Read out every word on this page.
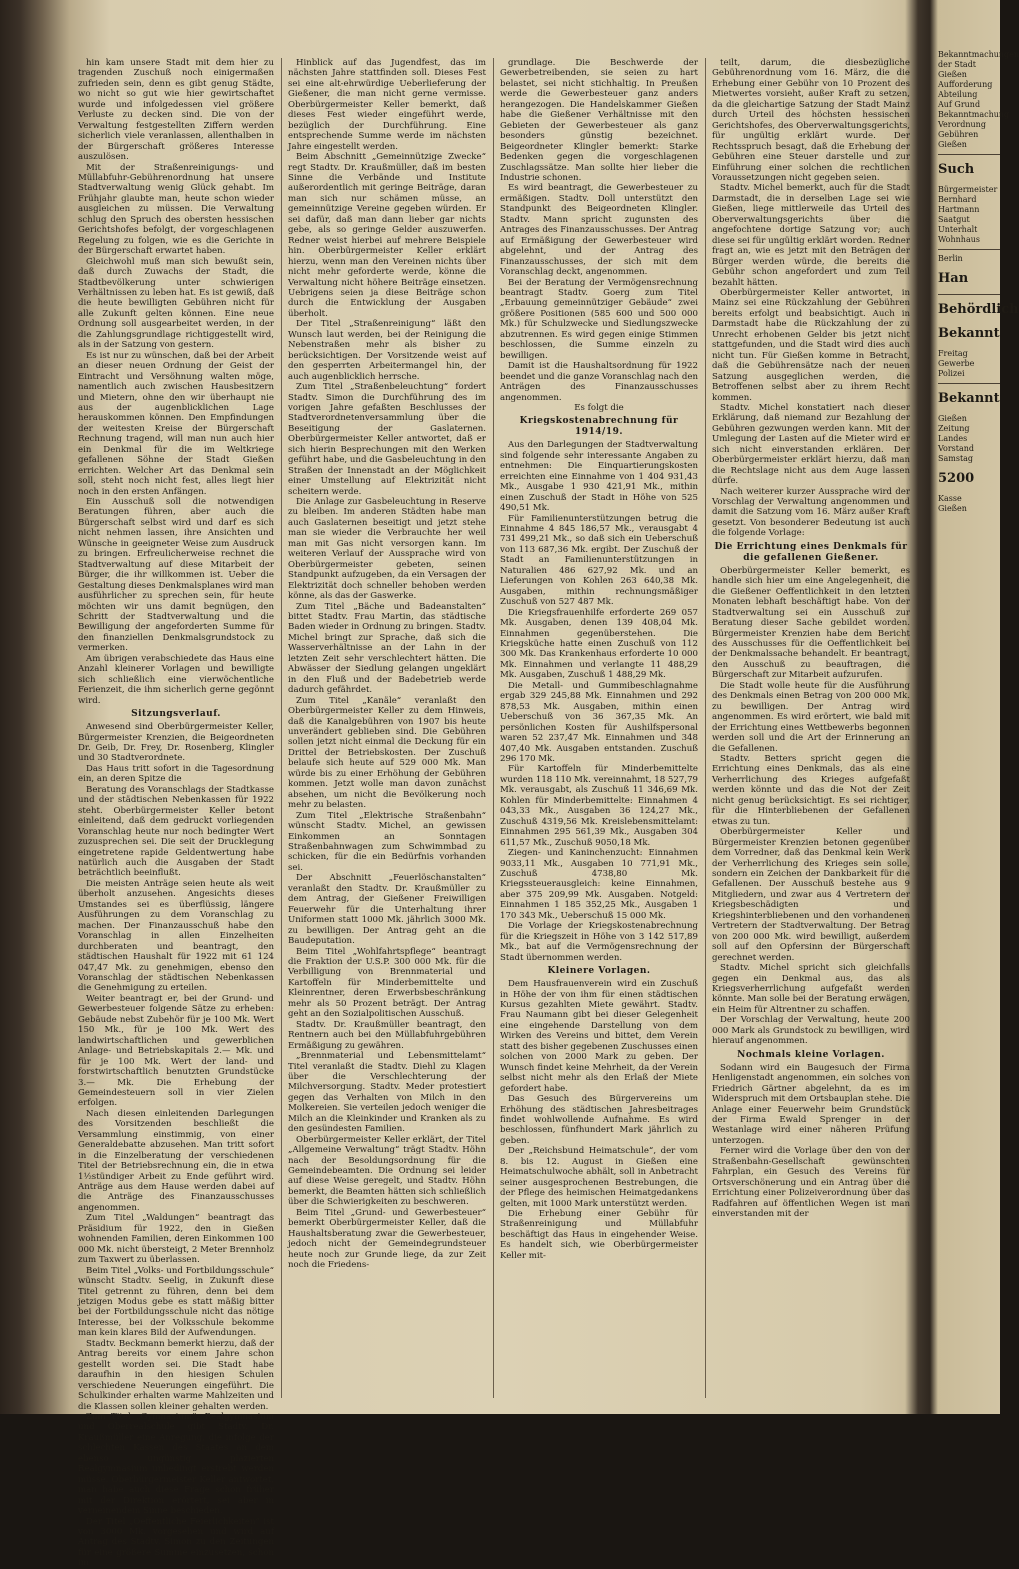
hin kam unsere Stadt mit dem hier zu tragenden Zuschuß noch einigermaßen zufrieden sein, denn es gibt genug Städte, wo nicht so gut wie hier gewirtschaftet wurde und infolgedessen viel größere Verluste zu decken sind. Die von der Verwaltung festgestellten Ziffern werden sicherlich viele veranlassen, allenthalben in der Bürgerschaft größeres Interesse auszulösen.

Mit der Straßenreinigungs- und Müllabfuhr-Gebührenordnung hat unsere Stadtverwaltung wenig Glück gehabt. Im Frühjahr glaubte man, heute schon wieder ausgleichen zu müssen. Die Verwaltung schlug den Spruch des obersten hessischen Gerichtshofes befolgt, der vorgeschlagenen Regelung zu folgen, wie es die Gerichte in der Bürgerschaft erwartet haben.

Gleichwohl muß man sich bewußt sein, daß durch Zuwachs der Stadt, die Stadtbevölkerung unter schwierigen Verhältnissen zu leben hat. Es ist gewiß, daß die heute bewilligten Gebühren nicht für alle Zukunft gelten können. Eine neue Ordnung soll ausgearbeitet werden, in der die Zahlungsgrundlage richtiggestellt wird, als in der Satzung von gestern.

Es ist nur zu wünschen, daß bei der Arbeit an dieser neuen Ordnung der Geist der Eintracht und Versöhnung walten möge, namentlich auch zwischen Hausbesitzern und Mietern, ohne den wir überhaupt nie aus der augenblicklichen Lage herauskommen können. Den Empfindungen der weitesten Kreise der Bürgerschaft Rechnung tragend, will man nun auch hier ein Denkmal für die im Weltkriege gefallenen Söhne der Stadt Gießen errichten. Welcher Art das Denkmal sein soll, steht noch nicht fest, alles liegt hier noch in den ersten Anfängen.

Ein Ausschuß soll die notwendigen Beratungen führen, aber auch die Bürgerschaft selbst wird und darf es sich nicht nehmen lassen, ihre Ansichten und Wünsche in geeigneter Weise zum Ausdruck zu bringen. Erfreulicherweise rechnet die Stadtverwaltung auf diese Mitarbeit der Bürger, die ihr willkommen ist. Ueber die Gestaltung dieses Denkmalsplanes wird man ausführlicher zu sprechen sein, für heute möchten wir uns damit begnügen, den Schritt der Stadtverwaltung und die Bewilligung der angeforderten Summe für den finanziellen Denkmalsgrundstock zu vermerken.

Am übrigen verabschiedete das Haus eine Anzahl kleinerer Vorlagen und bewilligte sich schließlich eine vierwöchentliche Ferienzeit, die ihm sicherlich gerne gegönnt wird.

Sitzungsverlauf.

Anwesend sind Oberbürgermeister Keller, Bürgermeister Krenzien, die Beigeordneten Dr. Geib, Dr. Frey, Dr. Rosenberg, Klingler und 30 Stadtverordnete.

Das Haus tritt sofort in die Tagesordnung ein, an deren Spitze die

Beratung des Voranschlags der Stadtkasse und der städtischen Nebenkassen für 1922 steht. Oberbürgermeister Keller betont einleitend, daß dem gedruckt vorliegenden Voranschlag heute nur noch bedingter Wert zuzusprechen sei. Die seit der Drucklegung eingetretene rapide Geldentwertung habe natürlich auch die Ausgaben der Stadt beträchtlich beeinflußt.

Die meisten Anträge seien heute als weit überholt anzusehen. Angesichts dieses Umstandes sei es überflüssig, längere Ausführungen zu dem Voranschlag zu machen. Der Finanzausschuß habe den Voranschlag in allen Einzelheiten durchberaten und beantragt, den städtischen Haushalt für 1922 mit 61 124 047,47 Mk. zu genehmigen, ebenso den Voranschlag der städtischen Nebenkassen die Genehmigung zu erteilen.

Weiter beantragt er, bei der Grund- und Gewerbesteuer folgende Sätze zu erheben: Gebäude nebst Zubehör für je 100 Mk. Wert 150 Mk., für je 100 Mk. Wert des landwirtschaftlichen und gewerblichen Anlage- und Betriebskapitals 2.— Mk. und für je 100 Mk. Wert der land- und forstwirtschaftlich benutzten Grundstücke 3.— Mk. Die Erhebung der Gemeindesteuern soll in vier Zielen erfolgen.

Nach diesen einleitenden Darlegungen des Vorsitzenden beschließt die Versammlung einstimmig, von einer Generaldebatte abzusehen. Man tritt sofort in die Einzelberatung der verschiedenen Titel der Betriebsrechnung ein, die in etwa 1½stündiger Arbeit zu Ende geführt wird. Anträge aus dem Hause werden dabei auf die Anträge des Finanzausschusses angenommen.

Zum Titel „Waldungen“ beantragt das Präsidium für 1922, den in Gießen wohnenden Familien, deren Einkommen 100 000 Mk. nicht übersteigt, 2 Meter Brennholz zum Taxwert zu überlassen.

Beim Titel „Volks- und Fortbildungsschule“ wünscht Stadtv. Seelig, in Zukunft diese Titel getrennt zu führen, denn bei dem jetzigen Modus gebe es statt mäßig bitter bei der Fortbildungsschule nicht das nötige Interesse, bei der Volksschule bekomme man kein klares Bild der Aufwendungen.

Stadtv. Beckmann bemerkt hierzu, daß der Antrag bereits vor einem Jahre schon gestellt worden sei. Die Stadt habe daraufhin in den hiesigen Schulen verschiedene Neuerungen eingeführt. Die Schulkinder erhalten warme Mahlzeiten und die Klassen sollen kleiner gehalten werden.

Zum Titel „Gymnasium“, Realgymnasium und Oberrealschule gibt Stadtv. Dr. Kraußmüller eine Anregung, die infolge der schlechten Kassen des Staates an dem ebenso ungünstig plazierten Realgymnasium unbedingt erstrebt werden müsse. Oberbürgermeister Keller antwortet, man habe auch diese Frage schon früher mit der Direktion erörtert, sei aber in verneinendem Sinne beschieden.

Der Titel „Oeffentliche Feierlichkeiten“ ist von 3000 Mk. vorgesehen und wird auf Antrag des Stadtv. Simon zu den Zeitungen für eine größere Summe einzusetzen, schon im

Hinblick auf das Jugendfest, das im nächsten Jahre stattfinden soll. Dieses Fest sei eine alt-ehrwürdige Ueberlieferung der Gießener, die man nicht gerne vermisse. Oberbürgermeister Keller bemerkt, daß dieses Fest wieder eingeführt werde, bezüglich der Durchführung. Eine entsprechende Summe werde im nächsten Jahre eingestellt werden.

Beim Abschnitt „Gemeinnützige Zwecke“ regt Stadtv. Dr. Kraußmüller, daß im besten Sinne die Verbände und Institute außerordentlich mit geringe Beiträge, daran man sich nur schämen müsse, an gemeinnützige Vereine gegeben würden. Er sei dafür, daß man dann lieber gar nichts gebe, als so geringe Gelder auszuwerfen. Redner weist hierbei auf mehrere Beispiele hin. Oberbürgermeister Keller erklärt hierzu, wenn man den Vereinen nichts über nicht mehr geforderte werde, könne die Verwaltung nicht höhere Beiträge einsetzen. Uebrigens seien ja diese Beiträge schon durch die Entwicklung der Ausgaben überholt.

Der Titel „Straßenreinigung“ läßt den Wunsch laut werden, bei der Reinigung die Nebenstraßen mehr als bisher zu berücksichtigen. Der Vorsitzende weist auf den gesperrten Arbeitermangel hin, der auch augenblicklich herrsche.

Zum Titel „Straßenbeleuchtung“ fordert Stadtv. Simon die Durchführung des im vorigen Jahre gefaßten Beschlusses der Stadtverordnetenversammlung über die Beseitigung der Gaslaternen. Oberbürgermeister Keller antwortet, daß er sich hierin Besprechungen mit den Werken geführt habe, und die Gasbeleuchtung in den Straßen der Innenstadt an der Möglichkeit einer Umstellung auf Elektrizität nicht scheitern werde.

Die Anlage zur Gasbeleuchtung in Reserve zu bleiben. Im anderen Städten habe man auch Gaslaternen beseitigt und jetzt stehe man sie wieder die Verbrauchte her weil man mit Gas nicht versorgen kann. Im weiteren Verlauf der Aussprache wird von Oberbürgermeister gebeten, seinen Standpunkt aufzugeben, da ein Versagen der Elektrizität doch schneller behoben werden könne, als das der Gaswerke.

Zum Titel „Bäche und Badeanstalten“ bittet Stadtv. Frau Martin, das städtische Baden wieder in Ordnung zu bringen. Stadtv. Michel bringt zur Sprache, daß sich die Wasserverhältnisse an der Lahn in der letzten Zeit sehr verschlechtert hätten. Die Abwässer der Siedlung gelangen ungeklärt in den Fluß und der Badebetrieb werde dadurch gefährdet.

Zum Titel „Kanäle“ veranlaßt den Oberbürgermeister Keller zu dem Hinweis, daß die Kanalgebühren von 1907 bis heute unverändert geblieben sind. Die Gebühren sollen jetzt nicht einmal die Deckung für ein Drittel der Betriebskosten. Der Zuschuß belaufe sich heute auf 529 000 Mk. Man würde bis zu einer Erhöhung der Gebühren kommen. Jetzt wolle man davon zunächst absehen, um nicht die Bevölkerung noch mehr zu belasten.

Zum Titel „Elektrische Straßenbahn“ wünscht Stadtv. Michel, an gewissen Einkommen an Sonntagen Straßenbahnwagen zum Schwimmbad zu schicken, für die ein Bedürfnis vorhanden sei.

Der Abschnitt „Feuerlöschanstalten“ veranlaßt den Stadtv. Dr. Kraußmüller zu dem Antrag, der Gießener Freiwilligen Feuerwehr für die Unterhaltung ihrer Uniformen statt 1000 Mk. jährlich 3000 Mk. zu bewilligen. Der Antrag geht an die Baudeputation.

Beim Titel „Wohlfahrtspflege“ beantragt die Fraktion der U.S.P. 300 000 Mk. für die Verbilligung von Brennmaterial und Kartoffeln für Minderbemittelte und Kleinrentner, deren Erwerbsbeschränkung mehr als 50 Prozent beträgt. Der Antrag geht an den Sozialpolitischen Ausschuß.

Stadtv. Dr. Kraußmüller beantragt, den Rentnern auch bei den Müllabfuhrgebühren Ermäßigung zu gewähren.

„Brennmaterial und Lebensmittelamt“ Titel veranlaßt die Stadtv. Diehl zu Klagen über die Verschlechterung der Milchversorgung. Stadtv. Meder protestiert gegen das Verhalten von Milch in den Molkereien. Sie verteilen jedoch weniger die Milch an die Kleinkinder und Kranken als zu den gesündesten Familien.

Oberbürgermeister Keller erklärt, der Titel „Allgemeine Verwaltung“ trägt Stadtv. Höhn nach der Besoldungsordnung für die Gemeindebeamten. Die Ordnung sei leider auf diese Weise geregelt, und Stadtv. Höhn bemerkt, die Beamten hätten sich schließlich über die Schwierigkeiten zu beschweren.

Beim Titel „Grund- und Gewerbesteuer“ bemerkt Oberbürgermeister Keller, daß die Haushaltsberatung zwar die Gewerbesteuer, jedoch nicht der Gemeindegrundsteuer heute noch zur Grunde liege, da zur Zeit noch die Friedens-

grundlage. Die Beschwerde der Gewerbetreibenden, sie seien zu hart belastet, sei nicht stichhaltig. In Preußen werde die Gewerbesteuer ganz anders herangezogen. Die Handelskammer Gießen habe die Gießener Verhältnisse mit den Gebieten der Gewerbesteuer als ganz besonders günstig bezeichnet. Beigeordneter Klingler bemerkt: Starke Bedenken gegen die vorgeschlagenen Zuschlagssätze. Man sollte hier lieber die Industrie schonen.

Es wird beantragt, die Gewerbesteuer zu ermäßigen. Stadtv. Doll unterstützt den Standpunkt des Beigeordneten Klingler. Stadtv. Mann spricht zugunsten des Antrages des Finanzausschusses. Der Antrag auf Ermäßigung der Gewerbesteuer wird abgelehnt, und der Antrag des Finanzausschusses, der sich mit dem Voranschlag deckt, angenommen.

Bei der Beratung der Vermögensrechnung beantragt Stadtv. Goerg zum Titel „Erbauung gemeinnütziger Gebäude“ zwei größere Positionen (585 600 und 500 000 Mk.) für Schulzwecke und Siedlungszwecke abzutrennen. Es wird gegen einige Stimmen beschlossen, die Summe einzeln zu bewilligen.

Damit ist die Haushaltsordnung für 1922 beendet und die ganze Voranschlag nach den Anträgen des Finanzausschusses angenommen.

Es folgt die

Kriegskostenabrechnung für 1914/19.

Aus den Darlegungen der Stadtverwaltung sind folgende sehr interessante Angaben zu entnehmen: Die Einquartierungskosten erreichten eine Einnahme von 1 404 931,43 Mk., Ausgabe 1 930 421,91 Mk., mithin einen Zuschuß der Stadt in Höhe von 525 490,51 Mk.

Für Familienunterstützungen betrug die Einnahme 4 845 186,57 Mk., verausgabt 4 731 499,21 Mk., so daß sich ein Ueberschuß von 113 687,36 Mk. ergibt. Der Zuschuß der Stadt an Familienunterstützungen in Naturalien 486 627,92 Mk. und an Lieferungen von Kohlen 263 640,38 Mk. Ausgaben, mithin rechnungsmäßiger Zuschuß von 527 487 Mk.

Die Kriegsfrauenhilfe erforderte 269 057 Mk. Ausgaben, denen 139 408,04 Mk. Einnahmen gegenüberstehen. Die Kriegsküche hatte einen Zuschuß von 112 300 Mk. Das Krankenhaus erforderte 10 000 Mk. Einnahmen und verlangte 11 488,29 Mk. Ausgaben, Zuschuß 1 488,29 Mk.

Die Metall- und Gummibeschlagnahme ergab 329 245,88 Mk. Einnahmen und 292 878,53 Mk. Ausgaben, mithin einen Ueberschuß von 36 367,35 Mk. An persönlichen Kosten für Aushilfspersonal waren 52 237,47 Mk. Einnahmen und 348 407,40 Mk. Ausgaben entstanden. Zuschuß 296 170 Mk.

Für Kartoffeln für Minderbemittelte wurden 118 110 Mk. vereinnahmt, 18 527,79 Mk. verausgabt, als Zuschuß 11 346,69 Mk. Kohlen für Minderbemittelte: Einnahmen 4 043,33 Mk., Ausgaben 36 124,27 Mk., Zuschuß 4319,56 Mk. Kreislebensmittelamt: Einnahmen 295 561,39 Mk., Ausgaben 304 611,57 Mk., Zuschuß 9050,18 Mk.

Ziegen- und Kaninchenzucht: Einnahmen 9033,11 Mk., Ausgaben 10 771,91 Mk., Zuschuß 4738,80 Mk. Kriegssteuerausgleich: keine Einnahmen, aber 375 209,99 Mk. Ausgaben. Notgeld: Einnahmen 1 185 352,25 Mk., Ausgaben 1 170 343 Mk., Ueberschuß 15 000 Mk.

Die Vorlage der Kriegskostenabrechnung für die Kriegszeit in Höhe von 3 142 517,89 Mk., bat auf die Vermögensrechnung der Stadt übernommen werden.

Kleinere Vorlagen.

Dem Hausfrauenverein wird ein Zuschuß in Höhe der von ihm für einen städtischen Kursus gezahlten Miete gewährt. Stadtv. Frau Naumann gibt bei dieser Gelegenheit eine eingehende Darstellung von dem Wirken des Vereins und bittet, dem Verein statt des bisher gegebenen Zuschusses einen solchen von 2000 Mark zu geben. Der Wunsch findet keine Mehrheit, da der Verein selbst nicht mehr als den Erlaß der Miete gefordert habe.

Das Gesuch des Bürgervereins um Erhöhung des städtischen Jahresbeitrages findet wohlwollende Aufnahme. Es wird beschlossen, fünfhundert Mark jährlich zu geben.

Der „Reichsbund Heimatschule“, der vom 8. bis 12. August in Gießen eine Heimatschulwoche abhält, soll in Anbetracht seiner ausgesprochenen Bestrebungen, die der Pflege des heimischen Heimatgedankens gelten, mit 1000 Mark unterstützt werden.

Die Erhebung einer Gebühr für Straßenreinigung und Müllabfuhr beschäftigt das Haus in eingehender Weise. Es handelt sich, wie Oberbürgermeister Keller mit-

teilt, darum, die diesbezügliche Gebührenordnung vom 16. März, die die Erhebung einer Gebühr von 10 Prozent des Mietwertes vorsieht, außer Kraft zu setzen, da die gleichartige Satzung der Stadt Mainz durch Urteil des höchsten hessischen Gerichtshofes, des Oberverwaltungsgerichts, für ungültig erklärt wurde. Der Rechtsspruch besagt, daß die Erhebung der Gebühren eine Steuer darstelle und zur Einführung einer solchen die rechtlichen Voraussetzungen nicht gegeben seien.

Stadtv. Michel bemerkt, auch für die Stadt Darmstadt, die in derselben Lage sei wie Gießen, liege mittlerweile das Urteil des Oberverwaltungsgerichts über die angefochtene dortige Satzung vor; auch diese sei für ungültig erklärt worden. Redner fragt an, wie es jetzt mit den Beträgen der Bürger werden würde, die bereits die Gebühr schon angefordert und zum Teil bezahlt hätten.

Oberbürgermeister Keller antwortet, in Mainz sei eine Rückzahlung der Gebühren bereits erfolgt und beabsichtigt. Auch in Darmstadt habe die Rückzahlung der zu Unrecht erhobenen Gelder bis jetzt nicht stattgefunden, und die Stadt wird dies auch nicht tun. Für Gießen komme in Betracht, daß die Gebührensätze nach der neuen Satzung ausgeglichen werden, die Betroffenen selbst aber zu ihrem Recht kommen.

Stadtv. Michel konstatiert nach dieser Erklärung, daß niemand zur Bezahlung der Gebühren gezwungen werden kann. Mit der Umlegung der Lasten auf die Mieter wird er sich nicht einverstanden erklären. Der Oberbürgermeister erklärt hierzu, daß man die Rechtslage nicht aus dem Auge lassen dürfe.

Nach weiterer kurzer Aussprache wird der Vorschlag der Verwaltung angenommen und damit die Satzung vom 16. März außer Kraft gesetzt. Von besonderer Bedeutung ist auch die folgende Vorlage:

Die Errichtung eines Denkmals für die gefallenen Gießener.

Oberbürgermeister Keller bemerkt, es handle sich hier um eine Angelegenheit, die die Gießener Oeffentlichkeit in den letzten Monaten lebhaft beschäftigt habe. Von der Stadtverwaltung sei ein Ausschuß zur Beratung dieser Sache gebildet worden. Bürgermeister Krenzien habe dem Bericht des Ausschusses für die Oeffentlichkeit bei der Denkmalssache behandelt. Er beantragt, den Ausschuß zu beauftragen, die Bürgerschaft zur Mitarbeit aufzurufen.

Die Stadt wolle heute für die Ausführung des Denkmals einen Betrag von 200 000 Mk. zu bewilligen. Der Antrag wird angenommen. Es wird erörtert, wie bald mit der Errichtung eines Wettbewerbs begonnen werden soll und die Art der Erinnerung an die Gefallenen.

Stadtv. Betters spricht gegen die Errichtung eines Denkmals, das als eine Verherrlichung des Krieges aufgefaßt werden könnte und das die Not der Zeit nicht genug berücksichtigt. Es sei richtiger, für die Hinterbliebenen der Gefallenen etwas zu tun.

Oberbürgermeister Keller und Bürgermeister Krenzien betonen gegenüber dem Vorredner, daß das Denkmal kein Werk der Verherrlichung des Krieges sein solle, sondern ein Zeichen der Dankbarkeit für die Gefallenen. Der Ausschuß bestehe aus 9 Mitgliedern, und zwar aus 4 Vertretern der Kriegsbeschädigten und Kriegshinterbliebenen und den vorhandenen Vertretern der Stadtverwaltung. Der Betrag von 200 000 Mk. wird bewilligt, außerdem soll auf den Opfersinn der Bürgerschaft gerechnet werden.

Stadtv. Michel spricht sich gleichfalls gegen ein Denkmal aus, das als Kriegsverherrlichung aufgefaßt werden könnte. Man solle bei der Beratung erwägen, ein Heim für Altrentner zu schaffen.

Der Vorschlag der Verwaltung, heute 200 000 Mark als Grundstock zu bewilligen, wird hierauf angenommen.

Nochmals kleine Vorlagen.

Sodann wird ein Baugesuch der Firma Henligenstadt angenommen, ein solches von Friedrich Gärtner abgelehnt, da es im Widerspruch mit dem Ortsbauplan stehe. Die Anlage einer Feuerwehr beim Grundstück der Firma Ewald Sprenger in der Westanlage wird einer näheren Prüfung unterzogen.

Ferner wird die Vorlage über den von der Straßenbahn-Gesellschaft gewünschten Fahrplan, ein Gesuch des Vereins für Ortsverschönerung und ein Antrag über die Errichtung einer Polizeiverordnung über das Radfahren auf öffentlichen Wegen ist man einverstanden mit der

Bekanntmachungen
der Stadt
Gießen
Aufforderung
Abteilung
Auf Grund
Bekanntmachung
Verordnung
Gebühren
Gießen
Such
Bürgermeister
Bernhard
Hartmann
Saatgut
Unterhalt
Wohnhaus
Berlin
Han
Behördlich
Bekannt
Freitag
Gewerbe
Polizei
Bekannt
Gießen
Zeitung
Landes
Vorstand
Samstag
5200
Kasse
Gießen
